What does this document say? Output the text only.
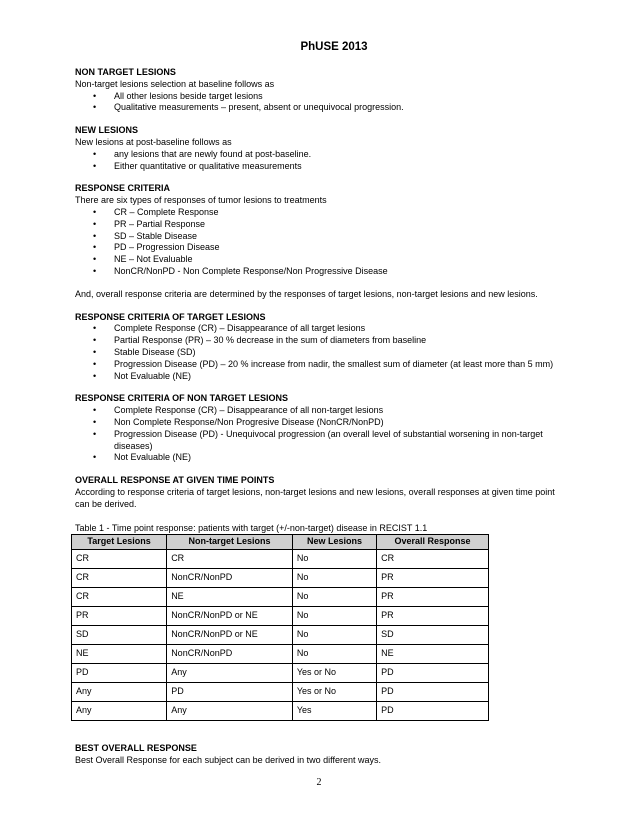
PhUSE 2013
NON TARGET LESIONS

Non-target lesions selection at baseline follows as

• All other lesions beside target lesions
• Qualitative measurements – present, absent or unequivocal progression.
NEW LESIONS

New lesions at post-baseline follows as

• any lesions that are newly found at post-baseline.
• Either quantitative or qualitative measurements
RESPONSE CRITERIA

There are six types of responses of tumor lesions to treatments

• CR – Complete Response
• PR – Partial Response
• SD – Stable Disease
• PD – Progression Disease
• NE – Not Evaluable
• NonCR/NonPD - Non Complete Response/Non Progressive Disease

And, overall response criteria are determined by the responses of target lesions, non-target lesions and new lesions.

RESPONSE CRITERIA OF TARGET LESIONS
• Complete Response (CR) – Disappearance of all target lesions
• Partial Response (PR) – 30 % decrease in the sum of diameters from baseline
• Stable Disease (SD)
• Progression Disease (PD) – 20 % increase from nadir, the smallest sum of diameter (at least more than 5 mm)
• Not Evaluable (NE)
RESPONSE CRITERIA OF NON TARGET LESIONS
• Complete Response (CR) – Disappearance of all non-target lesions
• Non Complete Response/Non Progresive Disease (NonCR/NonPD)
• Progression Disease (PD) - Unequivocal progression (an overall level of substantial worsening in non-target diseases)
• Not Evaluable (NE)
OVERALL RESPONSE AT GIVEN TIME POINTS

According to response criteria of target lesions, non-target lesions and new lesions, overall responses at given time point can be derived.

Table 1 - Time point response: patients with target (+/-non-target) disease in RECIST 1.1

Target Lesions	Non-target Lesions	New Lesions	Overall Response
CR	CR	No	CR
CR	NonCR/NonPD	No	PR
CR	NE	No	PR
PR	NonCR/NonPD or NE	No	PR
SD	NonCR/NonPD or NE	No	SD
NE	NonCR/NonPD	No	NE
PD	Any	Yes or No	PD
Any	PD	Yes or No	PD
Any	Any	Yes	PD
BEST OVERALL RESPONSE

Best Overall Response for each subject can be derived in two different ways.

2
